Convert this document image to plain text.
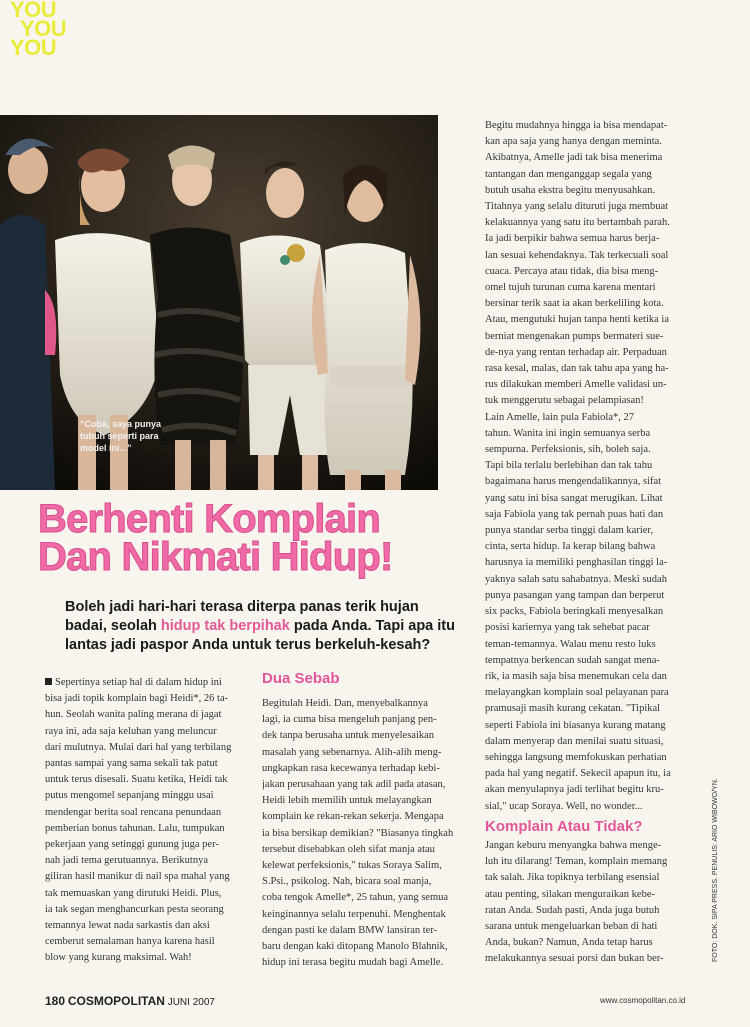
YOU
YOU
YOU
“Coba, saya punya tubuh seperti para model ini...”
Berhenti Komplain
Dan Nikmati Hidup!
Boleh jadi hari-hari terasa diterpa panas terik hujan badai, seolah hidup tak berpihak pada Anda. Tapi apa itu lantas jadi paspor Anda untuk terus berkeluh-kesah?
Sepertinya setiap hal di dalam hidup ini
bisa jadi topik komplain bagi Heidi*, 26 ta-
hun. Seolah wanita paling merana di jagat
raya ini, ada saja keluhan yang meluncur
dari mulutnya. Mulai dari hal yang terbilang
pantas sampai yang sama sekali tak patut
untuk terus disesali. Suatu ketika, Heidi tak
putus mengomel sepanjang minggu usai
mendengar berita soal rencana penundaan
pemberian bonus tahunan. Lalu, tumpukan
pekerjaan yang setinggi gunung juga per-
nah jadi tema gerutuannya. Berikutnya
giliran hasil manikur di nail spa mahal yang
tak memuaskan yang dirutuki Heidi. Plus,
ia tak segan menghancurkan pesta seorang
temannya lewat nada sarkastis dan aksi
cemberut semalaman hanya karena hasil
blow yang kurang maksimal. Wah!
Dua Sebab
Begitulah Heidi. Dan, menyebalkannya
lagi, ia cuma bisa mengeluh panjang pen-
dek tanpa berusaha untuk menyelesaikan
masalah yang sebenarnya. Alih-alih meng-
ungkapkan rasa kecewanya terhadap kebi-
jakan perusahaan yang tak adil pada atasan,
Heidi lebih memilih untuk melayangkan
komplain ke rekan-rekan sekerja. Mengapa
ia bisa bersikap demikian? "Biasanya tingkah
tersebut disebabkan oleh sifat manja atau
kelewat perfeksionis," tukas Soraya Salim,
S.Psi., psikolog. Nah, bicara soal manja,
coba tengok Amelle*, 25 tahun, yang semua
keinginannya selalu terpenuhi. Menghentak
dengan pasti ke dalam BMW lansiran ter-
baru dengan kaki ditopang Manolo Blahnik,
hidup ini terasa begitu mudah bagi Amelle.
Begitu mudahnya hingga ia bisa mendapat-
kan apa saja yang hanya dengan meminta.
Akibatnya, Amelle jadi tak bisa menerima
tantangan dan menganggap segala yang
butuh usaha ekstra begitu menyusahkan.
Titahnya yang selalu dituruti juga membuat
kelakuannya yang satu itu bertambah parah.
Ia jadi berpikir bahwa semua harus berja-
lan sesuai kehendaknya. Tak terkecuali soal
cuaca. Percaya atau tidak, dia bisa meng-
omel tujuh turunan cuma karena mentari
bersinar terik saat ia akan berkeliling kota.
Atau, mengutuki hujan tanpa henti ketika ia
berniat mengenakan pumps bermateri sue-
de-nya yang rentan terhadap air. Perpaduan
rasa kesal, malas, dan tak tahu apa yang ha-
rus dilakukan memberi Amelle validasi un-
tuk menggerutu sebagai pelampiasan!
Lain Amelle, lain pula Fabiola*, 27
tahun. Wanita ini ingin semuanya serba
sempurna. Perfeksionis, sih, boleh saja.
Tapi bila terlalu berlebihan dan tak tahu
bagaimana harus mengendalikannya, sifat
yang satu ini bisa sangat merugikan. Lihat
saja Fabiola yang tak pernah puas hati dan
punya standar serba tinggi dalam karier,
cinta, serta hidup. Ia kerap bilang bahwa
harusnya ia memiliki penghasilan tinggi la-
yaknya salah satu sahabatnya. Meski sudah
punya pasangan yang tampan dan berperut
six packs, Fabiola beringkali menyesalkan
posisi kariernya yang tak sehebat pacar
teman-temannya. Walau menu resto luks
tempatnya berkencan sudah sangat mena-
rik, ia masih saja bisa menemukan cela dan
melayangkan komplain soal pelayanan para
pramusaji masih kurang cekatan. "Tipikal
seperti Fabiola ini biasanya kurang matang
dalam menyerap dan menilai suatu situasi,
sehingga langsung memfokuskan perhatian
pada hal yang negatif. Sekecil apapun itu, ia
akan menyulapnya jadi terlihat begitu kru-
sial," ucap Soraya. Well, no wonder...
Komplain Atau Tidak?
Jangan keburu menyangka bahwa menge-
luh itu dilarang! Teman, komplain memang
tak salah. Jika topiknya terbilang esensial
atau penting, silakan menguraikan kebe-
ratan Anda. Sudah pasti, Anda juga butuh
sarana untuk mengeluarkan beban di hati
Anda, bukan? Namun, Anda tetap harus
melakukannya sesuai porsi dan bukan ber-
180 COSMOPOLITAN JUNI 2007	www.cosmopolitan.co.id
FOTO: DOK. SIPA PRESS. PENULIS: ARIO WIBOWO/YN.
